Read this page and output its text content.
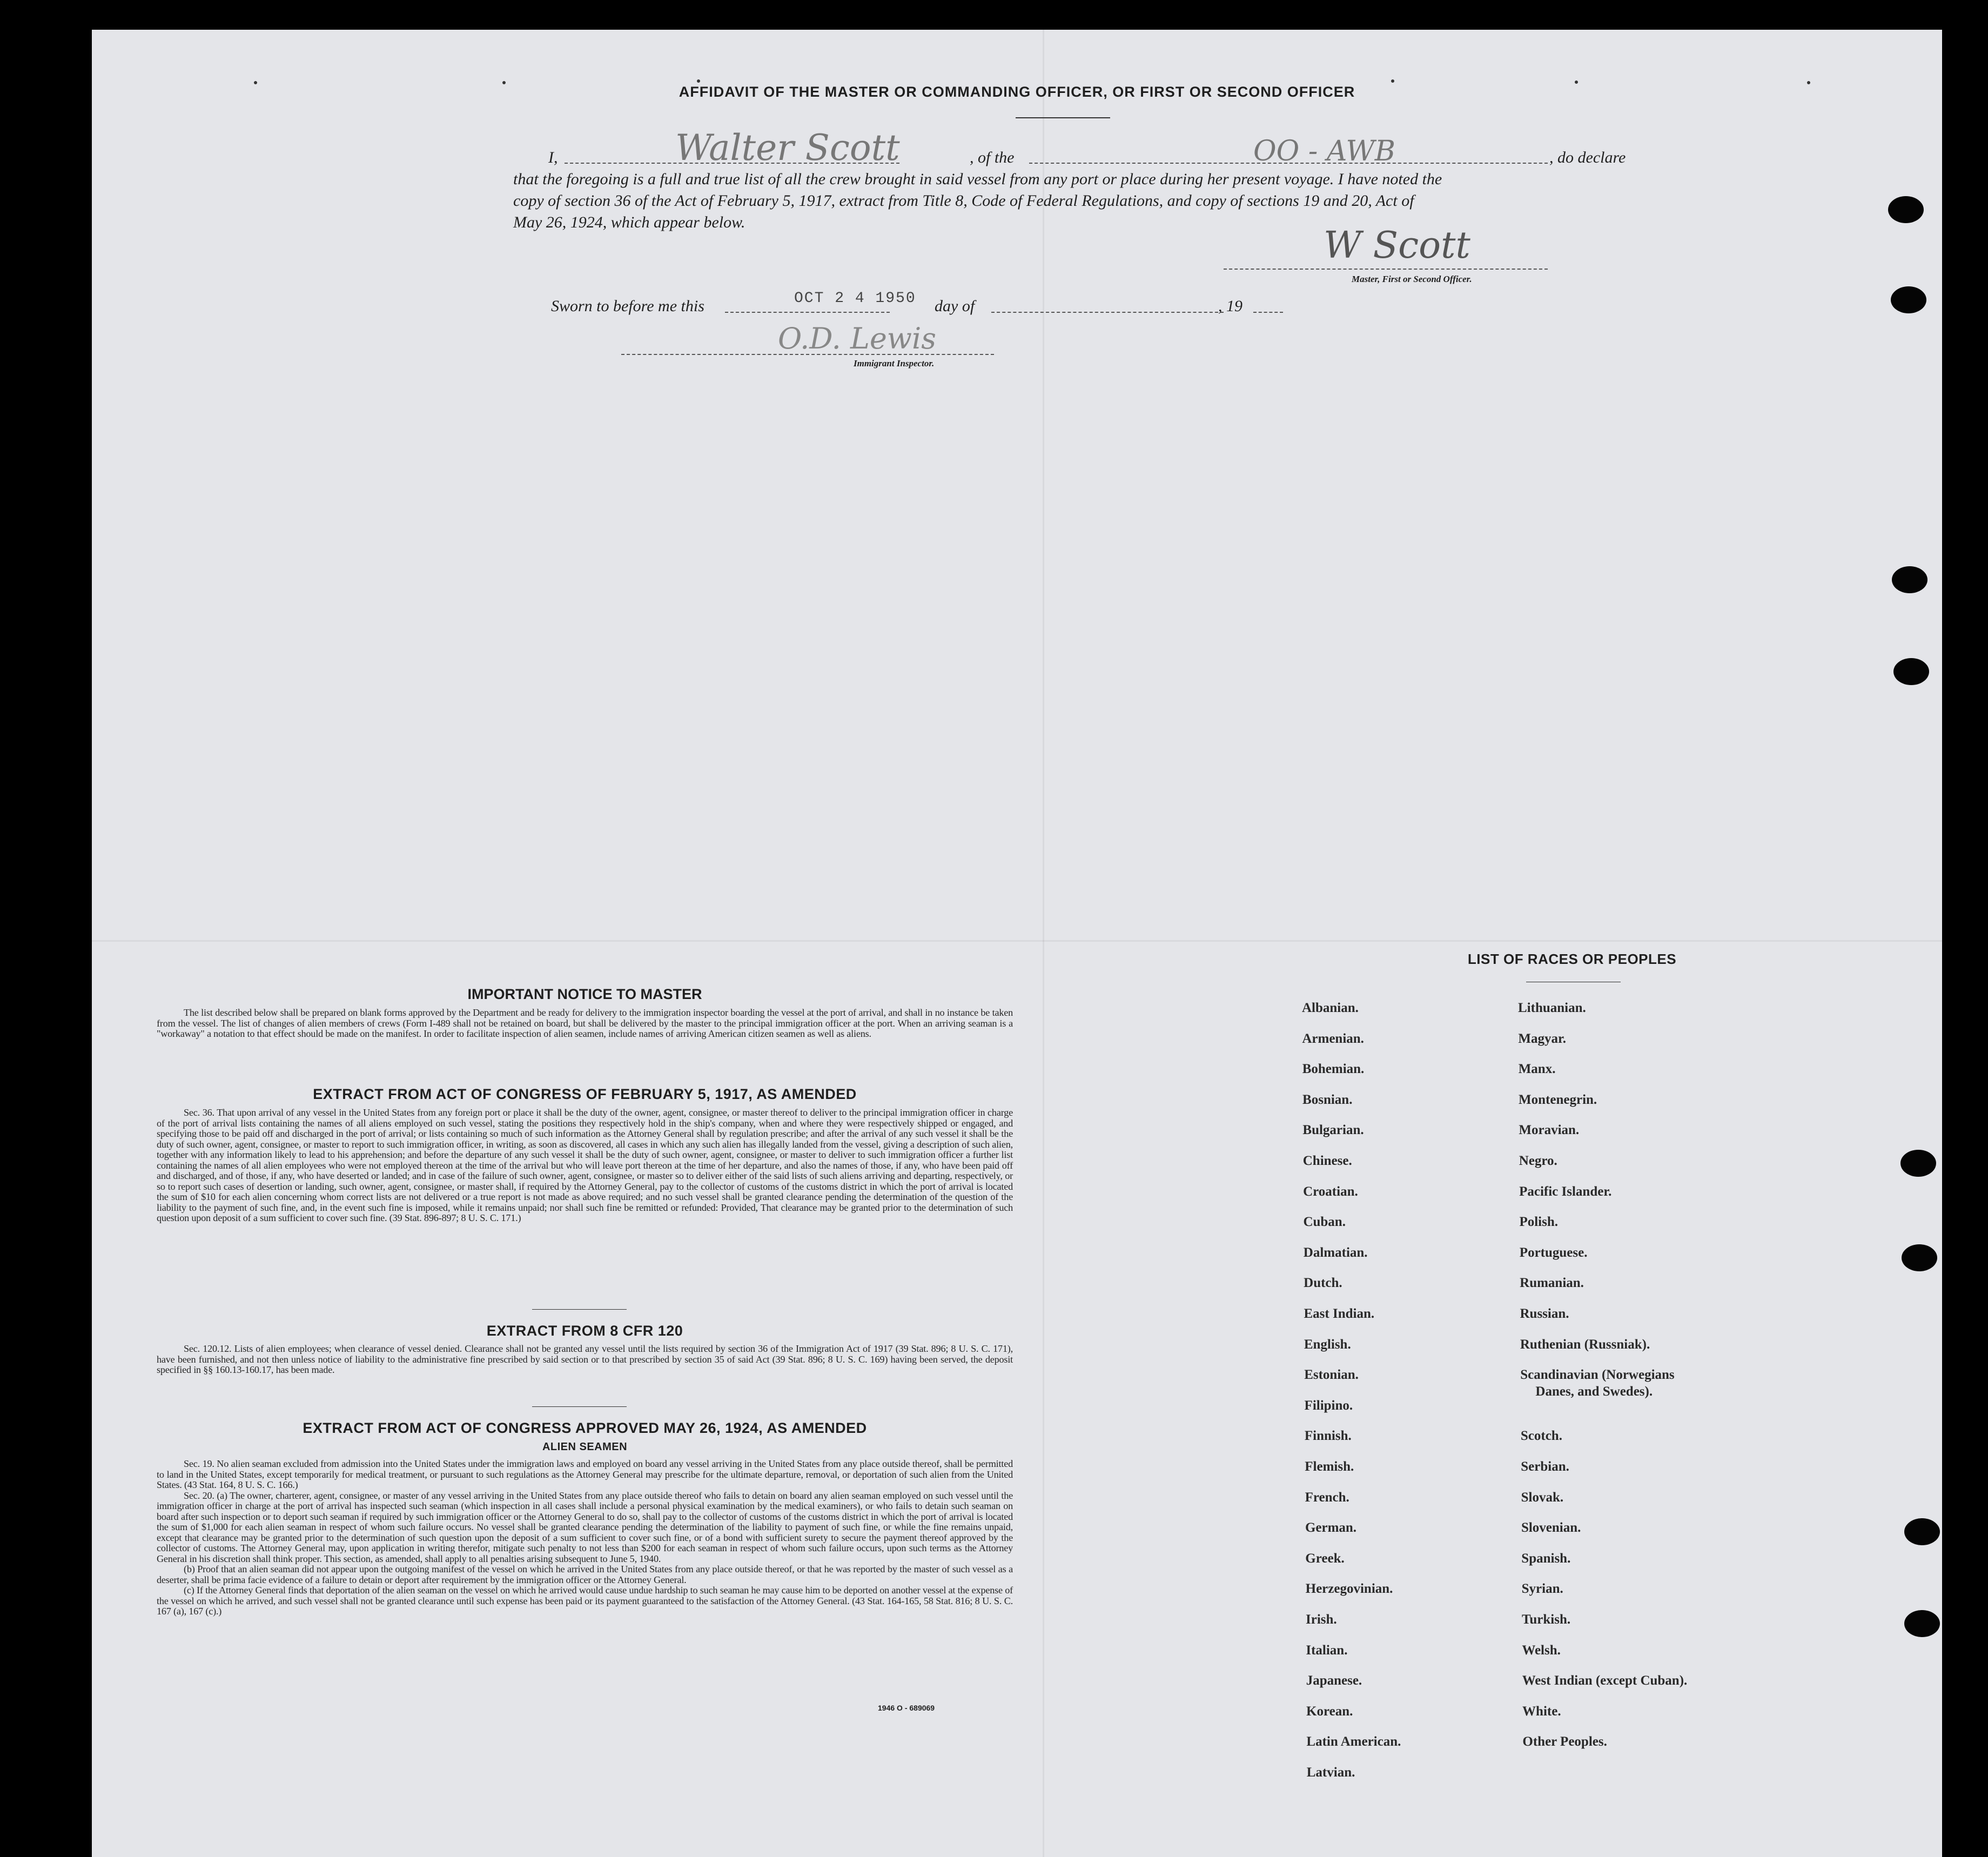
AFFIDAVIT OF THE MASTER OR COMMANDING OFFICER, OR FIRST OR SECOND OFFICER
I,	Walter Scott	, of the	OO - AWB	, do declare
that the foregoing is a full and true list of all the crew brought in said vessel from any port or place during her present voyage. I have noted the
copy of section 36 of the Act of February 5, 1917, extract from Title 8, Code of Federal Regulations, and copy of sections 19 and 20, Act of
May 26, 1924, which appear below.
W Scott
Master, First or Second Officer.
Sworn to before me this	OCT 2 4 1950 day of	, 19
O.D. Lewis
Immigrant Inspector.
IMPORTANT NOTICE TO MASTER
The list described below shall be prepared on blank forms approved by the Department and be ready for delivery to the immigration inspector boarding the vessel at the port of arrival, and shall in no instance be taken from the vessel. The list of changes of alien members of crews (Form I-489 shall not be retained on board, but shall be delivered by the master to the principal immigration officer at the port. When an arriving seaman is a "workaway" a notation to that effect should be made on the manifest. In order to facilitate inspection of alien seamen, include names of arriving American citizen seamen as well as aliens.
EXTRACT FROM ACT OF CONGRESS OF FEBRUARY 5, 1917, AS AMENDED
Sec. 36. That upon arrival of any vessel in the United States from any foreign port or place it shall be the duty of the owner, agent, consignee, or master thereof to deliver to the principal immigration officer in charge of the port of arrival lists containing the names of all aliens employed on such vessel, stating the positions they respectively hold in the ship's company, when and where they were respectively shipped or engaged, and specifying those to be paid off and discharged in the port of arrival; or lists containing so much of such information as the Attorney General shall by regulation prescribe; and after the arrival of any such vessel it shall be the duty of such owner, agent, consignee, or master to report to such immigration officer, in writing, as soon as discovered, all cases in which any such alien has illegally landed from the vessel, giving a description of such alien, together with any information likely to lead to his apprehension; and before the departure of any such vessel it shall be the duty of such owner, agent, consignee, or master to deliver to such immigration officer a further list containing the names of all alien employees who were not employed thereon at the time of the arrival but who will leave port thereon at the time of her departure, and also the names of those, if any, who have been paid off and discharged, and of those, if any, who have deserted or landed; and in case of the failure of such owner, agent, consignee, or master so to deliver either of the said lists of such aliens arriving and departing, respectively, or so to report such cases of desertion or landing, such owner, agent, consignee, or master shall, if required by the Attorney General, pay to the collector of customs of the customs district in which the port of arrival is located the sum of $10 for each alien concerning whom correct lists are not delivered or a true report is not made as above required; and no such vessel shall be granted clearance pending the determination of the question of the liability to the payment of such fine, and, in the event such fine is imposed, while it remains unpaid; nor shall such fine be remitted or refunded: Provided, That clearance may be granted prior to the determination of such question upon deposit of a sum sufficient to cover such fine. (39 Stat. 896-897; 8 U. S. C. 171.)
EXTRACT FROM 8 CFR 120
Sec. 120.12. Lists of alien employees; when clearance of vessel denied. Clearance shall not be granted any vessel until the lists required by section 36 of the Immigration Act of 1917 (39 Stat. 896; 8 U. S. C. 171), have been furnished, and not then unless notice of liability to the administrative fine prescribed by said section or to that prescribed by section 35 of said Act (39 Stat. 896; 8 U. S. C. 169) having been served, the deposit specified in §§ 160.13-160.17, has been made.
EXTRACT FROM ACT OF CONGRESS APPROVED MAY 26, 1924, AS AMENDED
ALIEN SEAMEN

Sec. 19. No alien seaman excluded from admission into the United States under the immigration laws and employed on board any vessel arriving in the United States from any place outside thereof, shall be permitted to land in the United States, except temporarily for medical treatment, or pursuant to such regulations as the Attorney General may prescribe for the ultimate departure, removal, or deportation of such alien from the United States. (43 Stat. 164, 8 U. S. C. 166.)

Sec. 20. (a) The owner, charterer, agent, consignee, or master of any vessel arriving in the United States from any place outside thereof who fails to detain on board any alien seaman employed on such vessel until the immigration officer in charge at the port of arrival has inspected such seaman (which inspection in all cases shall include a personal physical examination by the medical examiners), or who fails to detain such seaman on board after such inspection or to deport such seaman if required by such immigration officer or the Attorney General to do so, shall pay to the collector of customs of the customs district in which the port of arrival is located the sum of $1,000 for each alien seaman in respect of whom such failure occurs. No vessel shall be granted clearance pending the determination of the liability to payment of such fine, or while the fine remains unpaid, except that clearance may be granted prior to the determination of such question upon the deposit of a sum sufficient to cover such fine, or of a bond with sufficient surety to secure the payment thereof approved by the collector of customs. The Attorney General may, upon application in writing therefor, mitigate such penalty to not less than $200 for each seaman in respect of whom such failure occurs, upon such terms as the Attorney General in his discretion shall think proper. This section, as amended, shall apply to all penalties arising subsequent to June 5, 1940.

(b) Proof that an alien seaman did not appear upon the outgoing manifest of the vessel on which he arrived in the United States from any place outside thereof, or that he was reported by the master of such vessel as a deserter, shall be prima facie evidence of a failure to detain or deport after requirement by the immigration officer or the Attorney General.

(c) If the Attorney General finds that deportation of the alien seaman on the vessel on which he arrived would cause undue hardship to such seaman he may cause him to be deported on another vessel at the expense of the vessel on which he arrived, and such vessel shall not be granted clearance until such expense has been paid or its payment guaranteed to the satisfaction of the Attorney General. (43 Stat. 164-165, 58 Stat. 816; 8 U. S. C. 167 (a), 167 (c).)

1946 O - 689069
LIST OF RACES OR PEOPLES
Albanian.
Armenian.
Bohemian.
Bosnian.
Bulgarian.
Chinese.
Croatian.
Cuban.
Dalmatian.
Dutch.
East Indian.
English.
Estonian.
Filipino.
Finnish.
Flemish.
French.
German.
Greek.
Herzegovinian.
Irish.
Italian.
Japanese.
Korean.
Latin American.
Latvian.
Lithuanian.
Magyar.
Manx.
Montenegrin.
Moravian.
Negro.
Pacific Islander.
Polish.
Portuguese.
Rumanian.
Russian.
Ruthenian (Russniak).
Scandinavian (Norwegians
Danes, and Swedes).
Scotch.
Serbian.
Slovak.
Slovenian.
Spanish.
Syrian.
Turkish.
Welsh.
West Indian (except Cuban).
White.
Other Peoples.
